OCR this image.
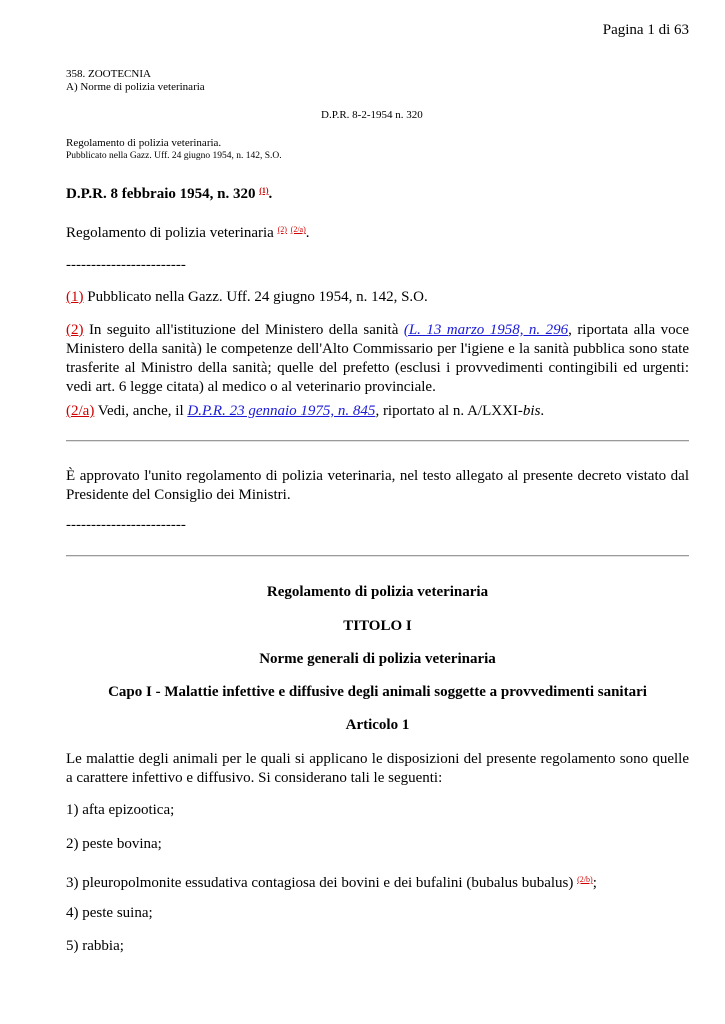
Pagina 1 di 63
358. ZOOTECNIA
A) Norme di polizia veterinaria
D.P.R. 8-2-1954 n. 320
Regolamento di polizia veterinaria.
Pubblicato nella Gazz. Uff. 24 giugno 1954, n. 142, S.O.
D.P.R. 8 febbraio 1954, n. 320 $^{(1)}$.
Regolamento di polizia veterinaria $^{(2)}$ $^{(2/a)}$.
------------------------
(1) Pubblicato nella Gazz. Uff. 24 giugno 1954, n. 142, S.O.
(2) In seguito all'istituzione del Ministero della sanità (L. 13 marzo 1958, n. 296, riportata alla voce Ministero della sanità) le competenze dell'Alto Commissario per l'igiene e la sanità pubblica sono state trasferite al Ministro della sanità; quelle del prefetto (esclusi i provvedimenti contingibili ed urgenti: vedi art. 6 legge citata) al medico o al veterinario provinciale.
(2/a) Vedi, anche, il D.P.R. 23 gennaio 1975, n. 845, riportato al n. A/LXXI-bis.
È approvato l'unito regolamento di polizia veterinaria, nel testo allegato al presente decreto vistato dal Presidente del Consiglio dei Ministri.
------------------------
Regolamento di polizia veterinaria
TITOLO I
Norme generali di polizia veterinaria
Capo I - Malattie infettive e diffusive degli animali soggette a provvedimenti sanitari
Articolo 1
Le malattie degli animali per le quali si applicano le disposizioni del presente regolamento sono quelle a carattere infettivo e diffusivo. Si considerano tali le seguenti:
1) afta epizootica;
2) peste bovina;
3) pleuropolmonite essudativa contagiosa dei bovini e dei bufalini (bubalus bubalus) $^{(2/b)}$;
4) peste suina;
5) rabbia;
